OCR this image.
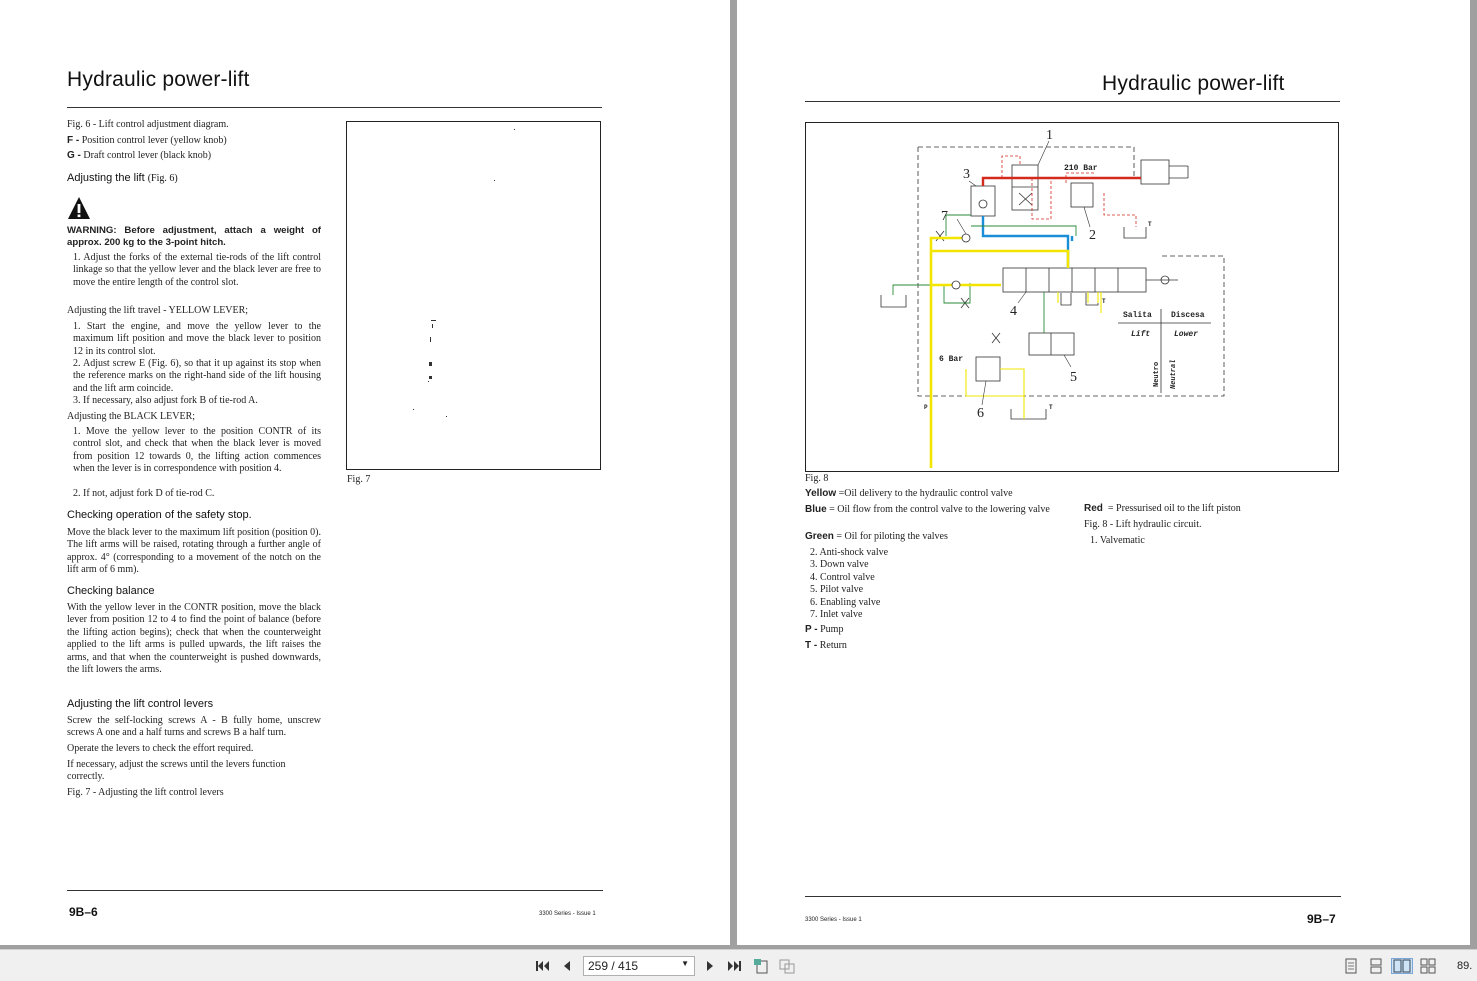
Hydraulic power-lift
Fig. 6 - Lift control adjustment diagram.
F - Position control lever (yellow knob)
G - Draft control lever (black knob)
Adjusting the lift (Fig. 6)
WARNING: Before adjustment, attach a weight of approx. 200 kg to the 3-point hitch.
1. Adjust the forks of the external tie-rods of the lift control linkage so that the yellow lever and the black lever are free to move the entire length of the control slot.
Adjusting the lift travel - YELLOW LEVER;
1. Start the engine, and move the yellow lever to the maximum lift position and move the black lever to position 12 in its control slot.
2. Adjust screw E (Fig. 6), so that it up against its stop when the reference marks on the right-hand side of the lift housing and the lift arm coincide.
3. If necessary, also adjust fork B of tie-rod A.
Adjusting the BLACK LEVER;
1. Move the yellow lever to the position CONTR of its control slot, and check that when the black lever is moved from position 12 towards 0, the lifting action commences when the lever is in correspondence with position 4.
2. If not, adjust fork D of tie-rod C.
Checking operation of the safety stop.
Move the black lever to the maximum lift position (position 0). The lift arms will be raised, rotating through a further angle of approx. 4° (corresponding to a movement of the notch on the lift arm of 6 mm).
Checking balance
With the yellow lever in the CONTR position, move the black lever from position 12 to 4 to find the point of balance (before the lifting action begins); check that when the counterweight applied to the lift arms is pulled upwards, the lift raises the arms, and that when the counterweight is pushed downwards, the lift lowers the arms.
Adjusting the lift control levers
Screw the self-locking screws A - B fully home, unscrew screws A one and a half turns and screws B a half turn.
Operate the levers to check the effort required.
If necessary, adjust the screws until the levers function correctly.
Fig. 7 - Adjusting the lift control levers
Fig. 7
9B–6	3300 Series - Issue 1
Hydraulic power-lift
1
2
3
4
5
6
7
210 Bar
6 Bar
Salita Discesa
Lift	Lower
Neutro Neutral
P	T
T
T
Fig. 8
Yellow =Oil delivery to the hydraulic control valve
Blue = Oil flow from the control valve to the lowering valve
Green = Oil for piloting the valves
2. Anti-shock valve
3. Down valve
4. Control valve
5. Pilot valve
6. Enabling valve
7. Inlet valve
P - Pump
T - Return
Red = Pressurised oil to the lift piston
Fig. 8 - Lift hydraulic circuit.
1. Valvematic
3300 Series - Issue 1	9B–7
259 / 415	▼	89.
